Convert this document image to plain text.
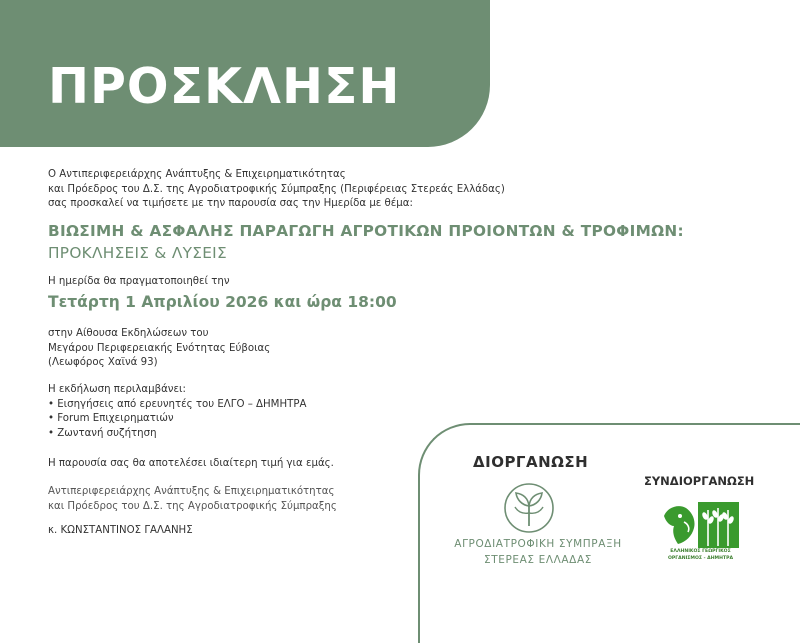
ΠΡΟΣΚΛΗΣΗ
Ο Αντιπεριφερειάρχης Ανάπτυξης & Επιχειρηματικότητας
και Πρόεδρος του Δ.Σ. της Αγροδιατροφικής Σύμπραξης (Περιφέρειας Στερεάς Ελλάδας)
σας προσκαλεί να τιμήσετε με την παρουσία σας την Ημερίδα με θέμα:
ΒΙΩΣΙΜΗ & ΑΣΦΑΛΗΣ ΠΑΡΑΓΩΓΗ ΑΓΡΟΤΙΚΩΝ ΠΡΟΙΟΝΤΩΝ & ΤΡΟΦΙΜΩΝ:
ΠΡΟΚΛΗΣΕΙΣ & ΛΥΣΕΙΣ
Η ημερίδα θα πραγματοποιηθεί την
Τετάρτη 1 Απριλίου 2026 και ώρα 18:00
στην Αίθουσα Εκδηλώσεων του
Μεγάρου Περιφερειακής Ενότητας Εύβοιας
(Λεωφόρος Χαϊνά 93)
Η εκδήλωση περιλαμβάνει:
• Εισηγήσεις από ερευνητές του ΕΛΓΟ – ΔΗΜΗΤΡΑ
• Forum Επιχειρηματιών
• Ζωντανή συζήτηση
Η παρουσία σας θα αποτελέσει ιδιαίτερη τιμή για εμάς.
Αντιπεριφερειάρχης Ανάπτυξης & Επιχειρηματικότητας
και Πρόεδρος του Δ.Σ. της Αγροδιατροφικής Σύμπραξης
κ. ΚΩΝΣΤΑΝΤΙΝΟΣ ΓΑΛΑΝΗΣ
ΔΙΟΡΓΑΝΩΣΗ
ΑΓΡΟΔΙΑΤΡΟΦΙΚΗ ΣΥΜΠΡΑΞΗ
ΣΤΕΡΕΑΣ ΕΛΛΑΔΑΣ
ΣΥΝΔΙΟΡΓΑΝΩΣΗ
ΕΛΛΗΝΙΚΟΣ ΓΕΩΡΓΙΚΟΣ
ΟΡΓΑΝΙΣΜΟΣ - ΔΗΜΗΤΡΑ
